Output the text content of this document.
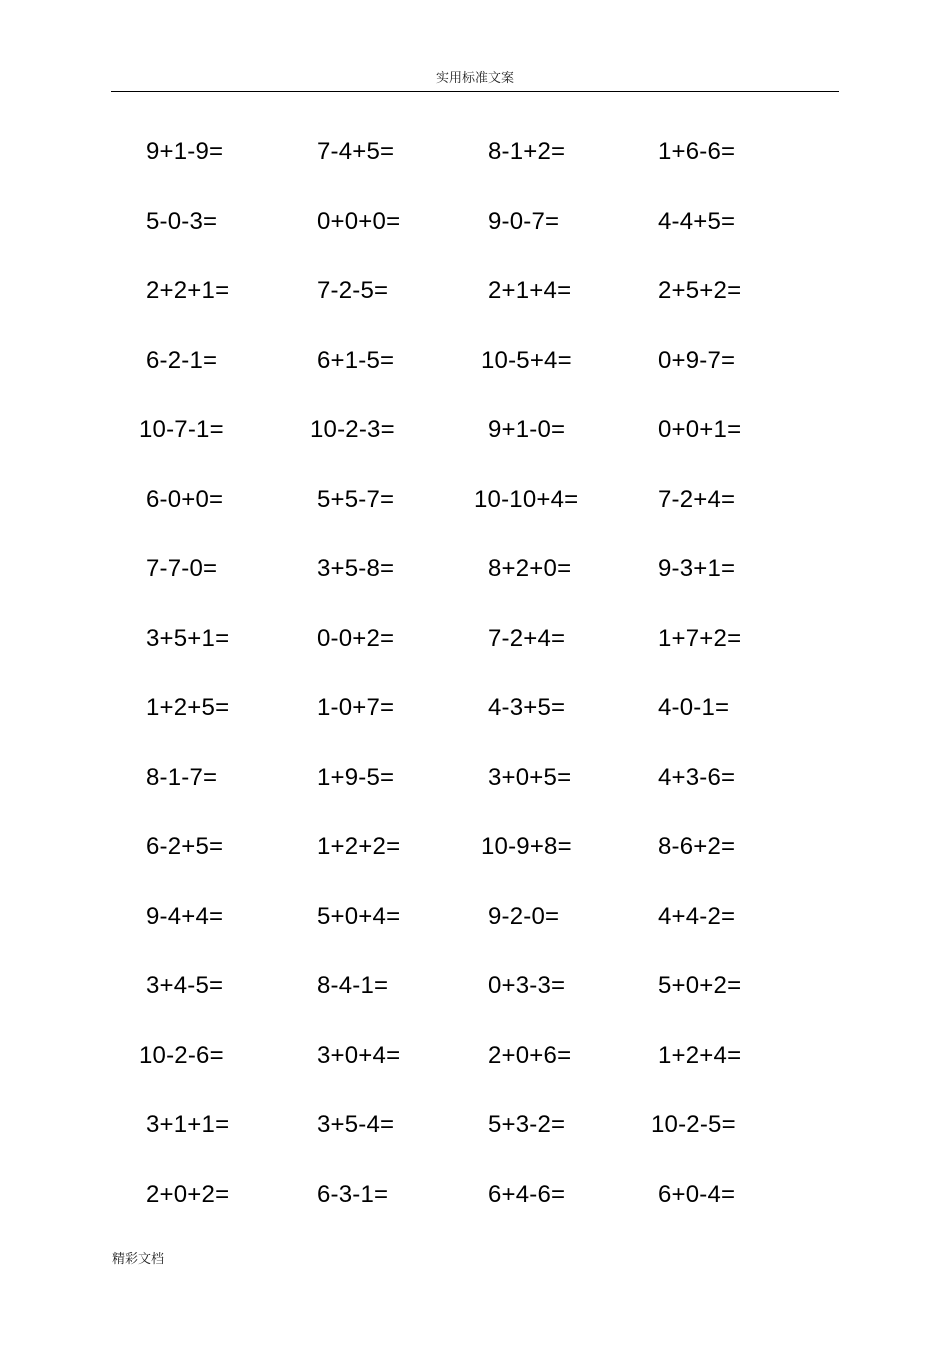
实用标准文案
9+1-9=	7-4+5=	8-1+2=	1+6-6=
5-0-3=	0+0+0=	9-0-7=	4-4+5=
2+2+1=	7-2-5=	2+1+4=	2+5+2=
6-2-1=	6+1-5=	10-5+4=	0+9-7=
10-7-1=	10-2-3=	9+1-0=	0+0+1=
6-0+0=	5+5-7=	10-10+4=	7-2+4=
7-7-0=	3+5-8=	8+2+0=	9-3+1=
3+5+1=	0-0+2=	7-2+4=	1+7+2=
1+2+5=	1-0+7=	4-3+5=	4-0-1=
8-1-7=	1+9-5=	3+0+5=	4+3-6=
6-2+5=	1+2+2=	10-9+8=	8-6+2=
9-4+4=	5+0+4=	9-2-0=	4+4-2=
3+4-5=	8-4-1=	0+3-3=	5+0+2=
10-2-6=	3+0+4=	2+0+6=	1+2+4=
3+1+1=	3+5-4=	5+3-2=	10-2-5=
2+0+2=	6-3-1=	6+4-6=	6+0-4=
精彩文档
